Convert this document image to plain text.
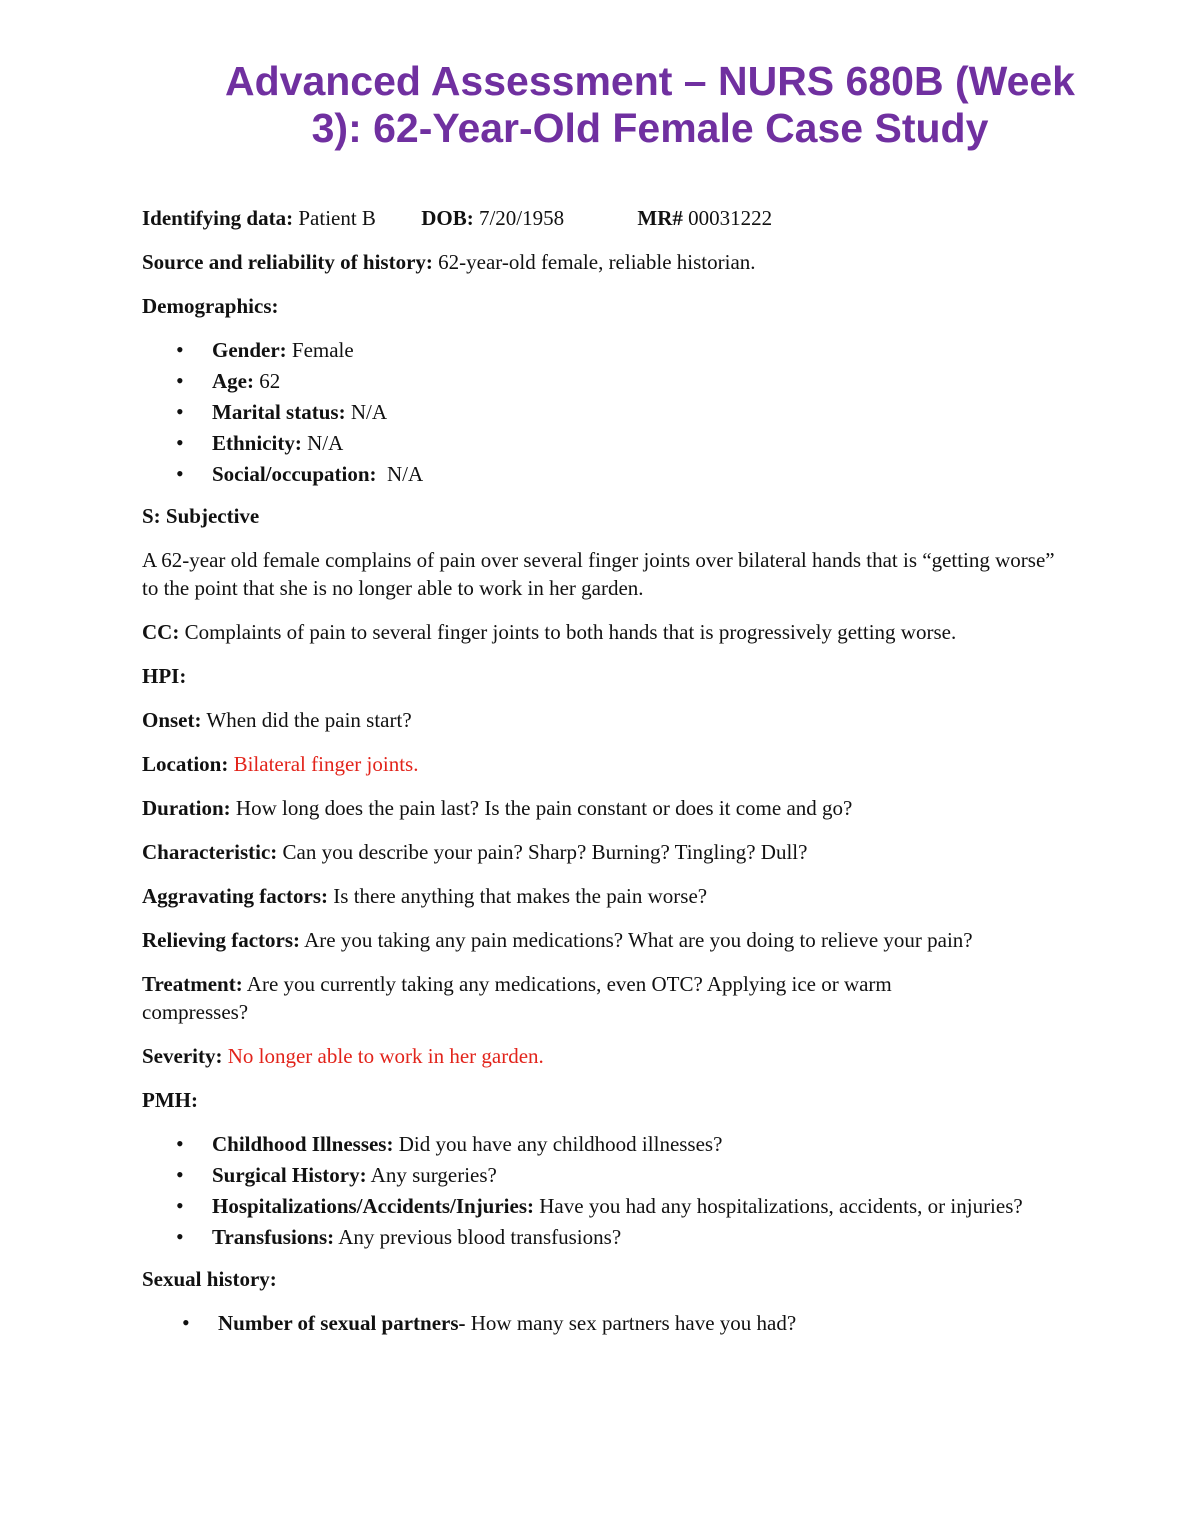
Advanced Assessment – NURS 680B (Week
3): 62-Year-Old Female Case Study
Identifying data: Patient B DOB: 7/20/1958	MR# 00031222
Source and reliability of history: 62-year-old female, reliable historian.
Demographics:
• Gender: Female
• Age: 62
• Marital status: N/A
• Ethnicity: N/A
• Social/occupation: N/A
S: Subjective
A 62-year old female complains of pain over several finger joints over bilateral hands that is “getting worse” to the point that she is no longer able to work in her garden.
CC: Complaints of pain to several finger joints to both hands that is progressively getting worse.
HPI:
Onset: When did the pain start?
Location: Bilateral finger joints.
Duration: How long does the pain last? Is the pain constant or does it come and go?
Characteristic: Can you describe your pain? Sharp? Burning? Tingling? Dull?
Aggravating factors: Is there anything that makes the pain worse?
Relieving factors: Are you taking any pain medications? What are you doing to relieve your pain?
Treatment: Are you currently taking any medications, even OTC? Applying ice or warm compresses?
Severity: No longer able to work in her garden.
PMH:
• Childhood Illnesses: Did you have any childhood illnesses?
• Surgical History: Any surgeries?
• Hospitalizations/Accidents/Injuries: Have you had any hospitalizations, accidents, or injuries?
• Transfusions: Any previous blood transfusions?
Sexual history:
• Number of sexual partners- How many sex partners have you had?
